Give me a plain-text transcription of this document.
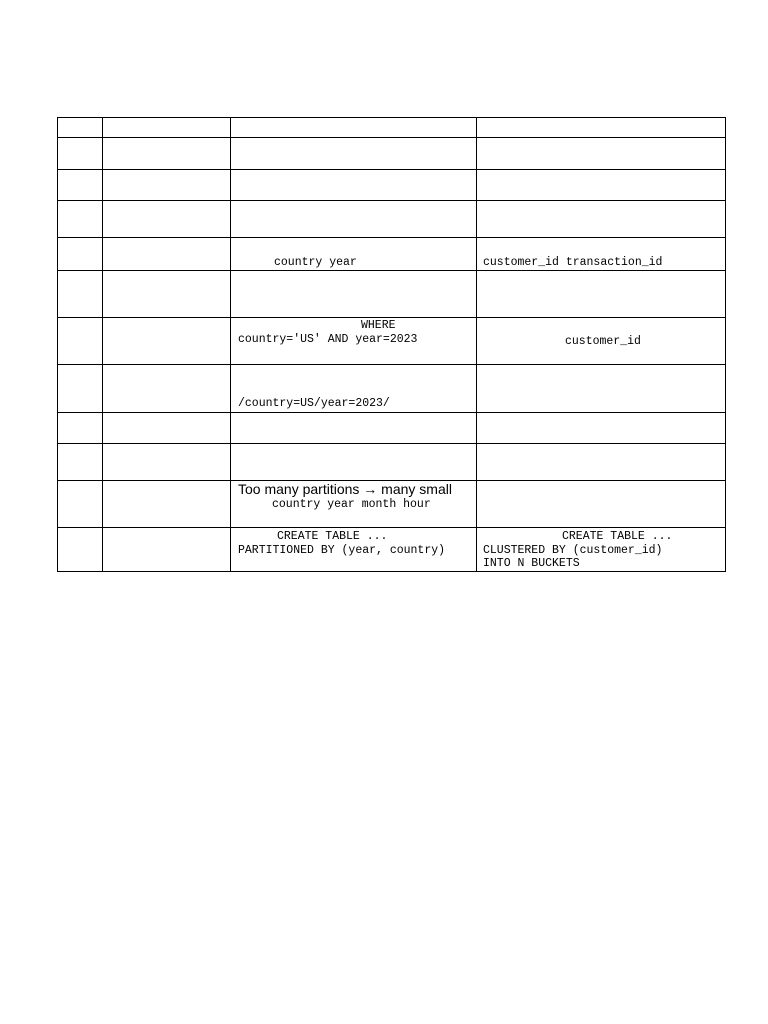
		country year	customer_id transaction_id

		WHERE
country='US' AND year=2023	customer_id

		/country=US/year=2023/	

		Too many partitions → many small
country year month hour	

		CREATE TABLE ...
PARTITIONED BY (year, country)	CREATE TABLE ...
CLUSTERED BY (customer_id)
INTO N BUCKETS
